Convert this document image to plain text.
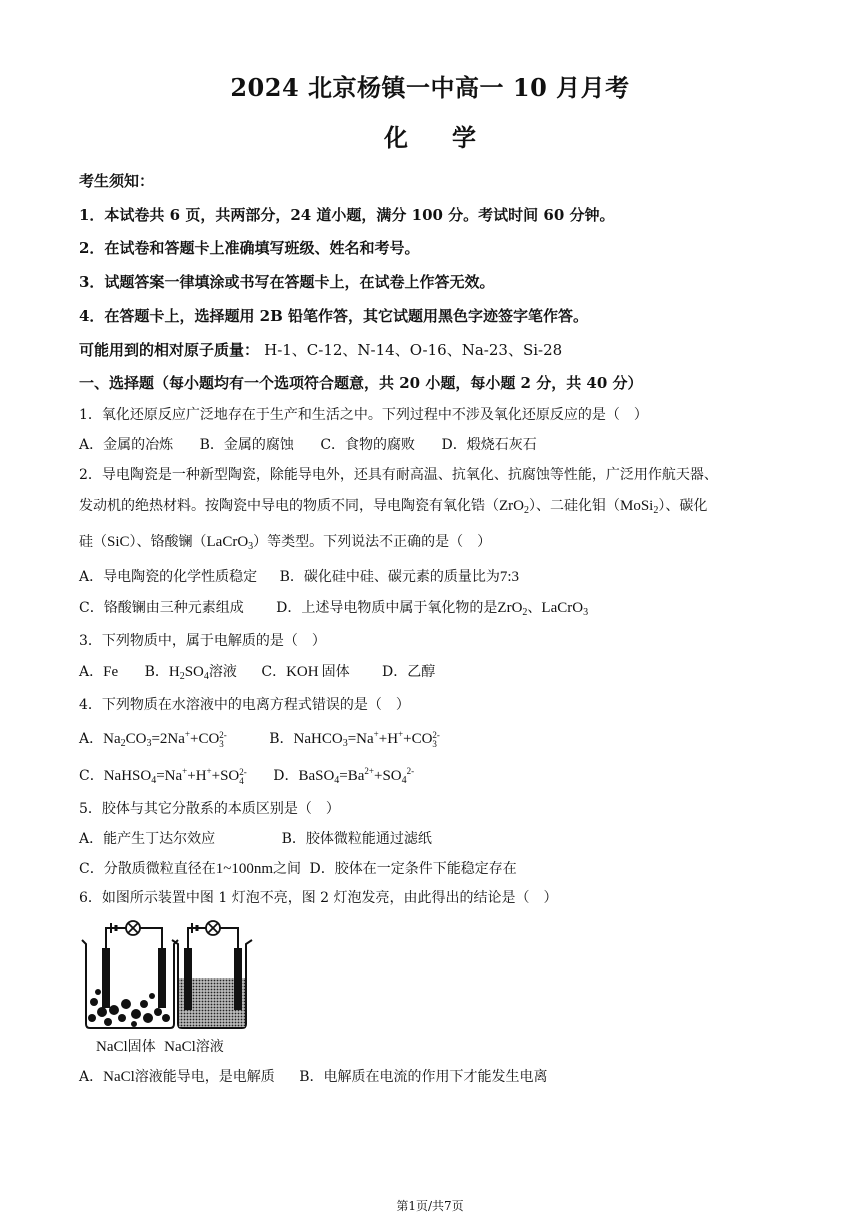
2024 北京杨镇一中高一 10 月月考
化学
考生须知：
1．本试卷共 6 页，共两部分，24 道小题，满分 100 分。考试时间 60 分钟。
2．在试卷和答题卡上准确填写班级、姓名和考号。
3．试题答案一律填涂或书写在答题卡上，在试卷上作答无效。
4．在答题卡上，选择题用 2B 铅笔作答，其它试题用黑色字迹签字笔作答。
可能用到的相对原子质量： H-1、C-12、N-14、O-16、Na-23、Si-28
一、选择题（每小题均有一个选项符合题意，共 20 小题，每小题 2 分，共 40 分）
1．氧化还原反应广泛地存在于生产和生活之中。下列过程中不涉及氧化还原反应的是（　）
A．金属的冶炼 B．金属的腐蚀 C．食物的腐败 D．煅烧石灰石
2．导电陶瓷是一种新型陶瓷，除能导电外，还具有耐高温、抗氧化、抗腐蚀等性能，广泛用作航天器、
发动机的绝热材料。按陶瓷中导电的物质不同，导电陶瓷有氧化锆（ZrO$_2$）、二硅化钼（MoSi$_2$）、碳化
硅（SiC）、铬酸镧（LaCrO$_3$）等类型。下列说法不正确的是（　）
A．导电陶瓷的化学性质稳定 B．碳化硅中硅、碳元素的质量比为7:3
C．铬酸镧由三种元素组成 D．上述导电物质中属于氧化物的是ZrO$_2$、LaCrO$_3$
3．下列物质中，属于电解质的是（　）
A．Fe B．$H_2SO_4$溶液 C．KOH 固体 D．乙醇
4．下列物质在水溶液中的电离方程式错误的是（　）
A．$Na_2CO_3=2Na^++CO$ 2-
3	B．NaHCO$_3$=Na++H++CO 2-
3
C．NaHSO$_4$=Na++H++SO 2-
4 D．$BaSO_4=Ba^{2+}+SO_4^{2-}$
5．胶体与其它分散系的本质区别是（　）
A．能产生丁达尔效应	B．胶体微粒能通过滤纸
C．分散质微粒直径在1~100nm之间 D．胶体在一定条件下能稳定存在
6．如图所示装置中图 1 灯泡不亮，图 2 灯泡发亮，由此得出的结论是（　）
NaCl固体 NaCl溶液
A．NaCl溶液能导电，是电解质 B．电解质在电流的作用下才能发生电离
第1页/共7页
